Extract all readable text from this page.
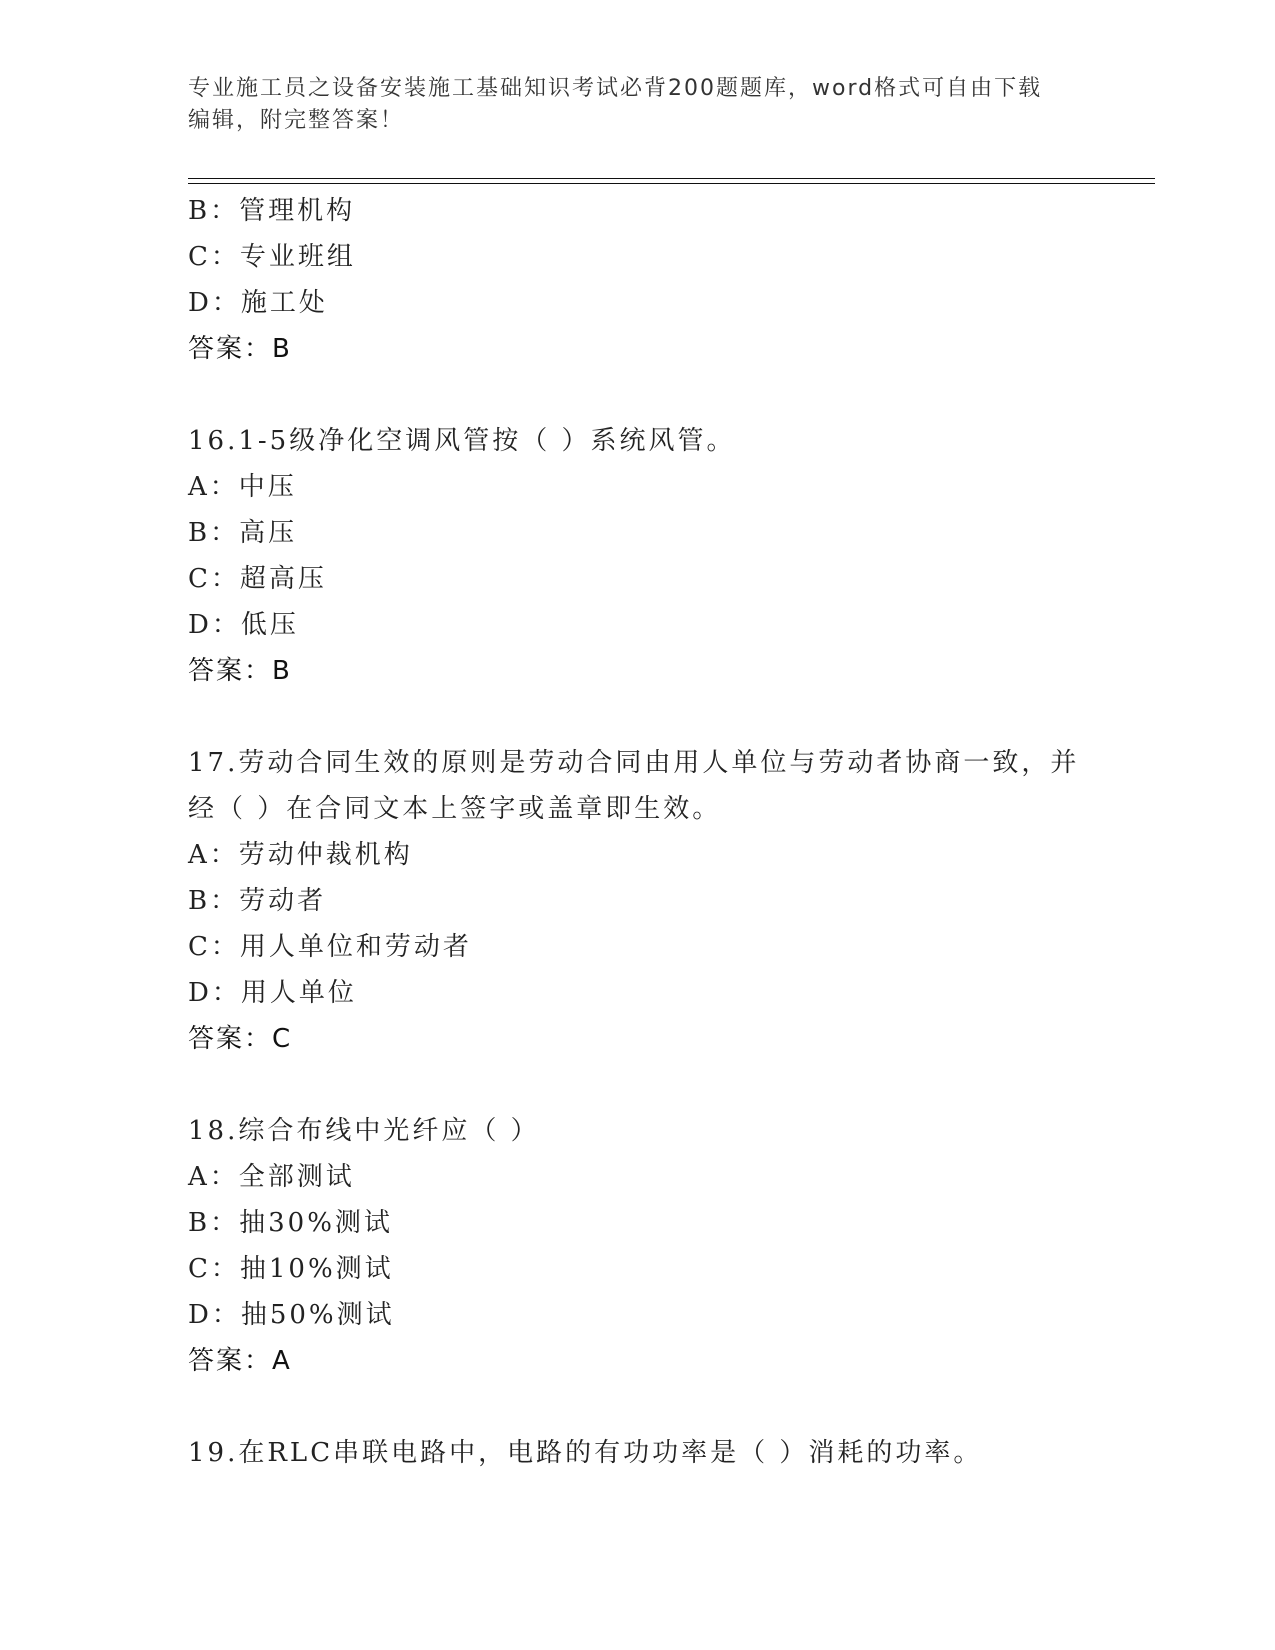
专业施工员之设备安装施工基础知识考试必背200题题库，word格式可自由下载
编辑，附完整答案！
B：管理机构
C：专业班组
D：施工处
答案：B
16.1-5级净化空调风管按（ ）系统风管。
A：中压
B：高压
C：超高压
D：低压
答案：B
17.劳动合同生效的原则是劳动合同由用人单位与劳动者协商一致，并
经（ ）在合同文本上签字或盖章即生效。
A：劳动仲裁机构
B：劳动者
C：用人单位和劳动者
D：用人单位
答案：C
18.综合布线中光纤应（ ）
A：全部测试
B：抽30%测试
C：抽10%测试
D：抽50%测试
答案：A
19.在RLC串联电路中，电路的有功功率是（ ）消耗的功率。
